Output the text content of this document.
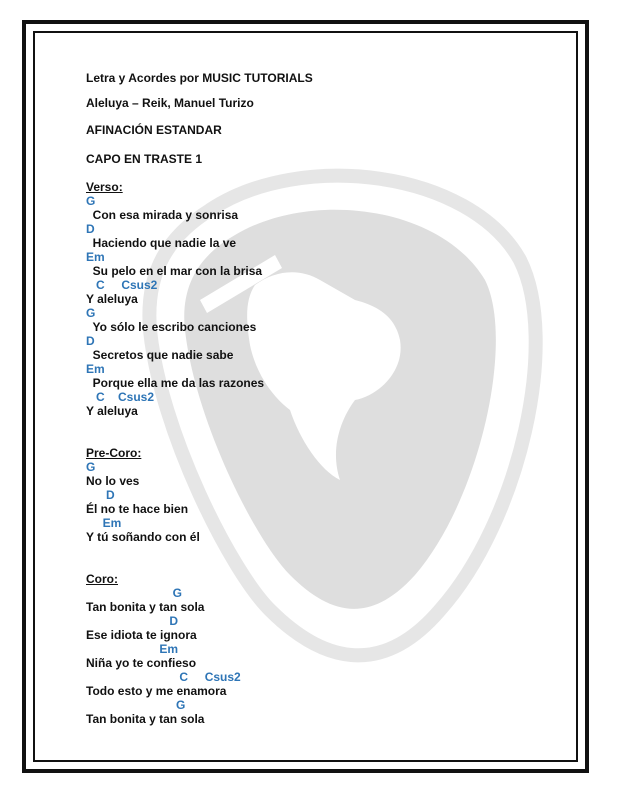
Letra y Acordes por MUSIC TUTORIALS
Aleluya – Reik, Manuel Turizo
AFINACIÓN ESTANDAR
CAPO EN TRASTE 1
Verso:
G
Con esa mirada y sonrisa
D
Haciendo que nadie la ve
Em
Su pelo en el mar con la brisa
C     Csus2
Y aleluya
G
Yo sólo le escribo canciones
D
Secretos que nadie sabe
Em
Porque ella me da las razones
C    Csus2
Y aleluya
Pre-Coro:
G
No lo ves
D
Él no te hace bien
Em
Y tú soñando con él
Coro:
G
Tan bonita y tan sola
D
Ese idiota te ignora
Em
Niña yo te confieso
C     Csus2
Todo esto y me enamora
G
Tan bonita y tan sola
